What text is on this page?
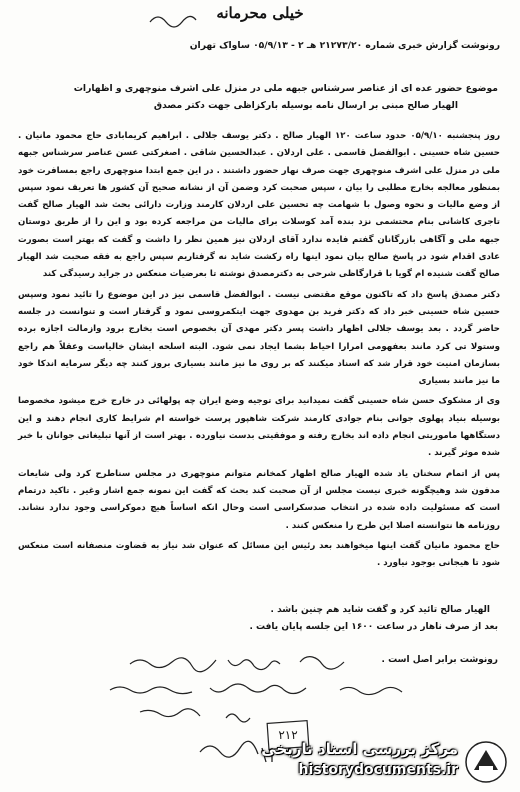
خیلی محرمانه
رونوشت گزارش خبری شماره ۲۱۲۷۳/۲۰ هـ ۲ - ۰۵/۹/۱۳ ساواک تهران
موضوع حضور عده ای از عناصر سرشناس جبهه ملی در منزل علی اشرف منوچهری و اظهارات
الهیار صالح مبنی بر ارسال نامه بوسیله بارکزاظی جهت دکتر مصدق

روز پنجشنبه ۰۵/۹/۱۰ حدود ساعت ۱۲۰ الهیار صالح . دکتر یوسف جلالی . ابراهیم کریمابادی حاج محمود مانیان . حسین شاه حسینی . ابوالفضل قاسمی . علی اردلان . عبدالحسین شاقی . اصغرکتی عسن عناصر سرشناس جبهه ملی در منزل علی اشرف منوچهری جهت صرف نهار حضور داشتند . در این جمع ابتدا منوچهری راجع بمسافرت خود بمنظور معالجه بخارج مطلبی را بیان ، سپس صحبت کرد وضمن آن از نشانه صحیح آن کشور ها تعریف نمود سپس از وضع مالیات و نحوه وصول با شهامت چه تحسین علی اردلان کارمند وزارت دارائی بحث شد الهیار صالح گفت تاجری کاشانی بنام محتشمی نزد بنده آمد کوسلات برای مالیات من مراجعه کرده بود و این را از طریق دوستان جبهه ملی و آگاهی بازرگانان گفتم فایده ندارد آقای اردلان نیز همین نظر را داشت و گفت که بهتر است بصورت عادی اقدام شود در پاسخ صالح بیان نمود اینها راه رکشت شاید نه گرفتاریم سپس راجع به فقه صحبت شد الهیار صالح گفت شنیده ام گویا با قرارگاظی شرحی به دکترمصدق نوشته تا بعرضیات منعکس در جراید رسیدگی کند

دکتر مصدق پاسخ داد که تاکنون موقع مقتضی نیست . ابوالفضل قاسمی نیز در این موضوع را تائید نمود وسپس حسین شاه حسینی خبر داد که دکتر فرید بن مهدوی جهت ایتکمروسی نمود و گرفتار است و تنوانست در جلسه حاضر گردد . بعد یوسف جلالی اظهار داشت پسر دکتر مهدی آن بخصوص است بخارج برود وازمالت اجازه برده وستولا تی کرد مانند بعفهومی امرارا احیاط بشما ایجاد نمی شود. البته اسلحه ایشان خالیاست وعقلاً هم راجع بسازمان امنیت خود قرار شد که اسناد میکنند که بر روی ما نیز مانند بسیاری بروز کنند چه دیگر سرمایه اندکا خود ما نیز مانند بسیاری

وی از مشکوک حسن شاه حسینی گفت نمیدانید برای توجیه وضع ایران چه پولهائی در خارج خرج میشود مخصوصا بوسیله بنیاد پهلوی جوانی بنام جوادی کارمند شرکت شاهپور پرست خواسته ام شرایط کاری انجام دهند و این دستگاهها ماموریتی انجام داده اند بخارج رفته و موفقیتی بدست نیاورده . بهتر است از آنها تبلیغاتی جوانان با خبر شده موثر گیرند .

پس از اتمام سخنان یاد شده الهیار صالح اظهار کمخانم متوانم منوچهری در مجلس سناطرح کرد ولی شایعات مدفون شد وهیچگونه خبری نیست مجلس از آن صحبت کند بحث که گفت این نمونه جمع اشار وغیر . تاکید درتمام است که مسئولیت داده شده در انتخاب صدسکراسی است وحال انکه اساساً هیچ دموکراسی وجود ندارد نشاند. روزنامه ها نتوانسته اصلا این طرح را منعکس کنند .

حاج محمود مانیان گفت اینها میخواهند بعد رئیس این مسائل که عنوان شد نیاز به قضاوت منصفانه است منعکس شود تا هیجانی بوجود نیاورد .

الهیار صالح تائید کرد و گفت شاید هم چنین باشد .

بعد از صرف ناهار در ساعت ۱۶۰۰ این جلسه پایان یافت .

رونوشت برابر اصل است .
۲۱۲
مرکز بررسی اسناد تاریخی
historydocuments.ir
